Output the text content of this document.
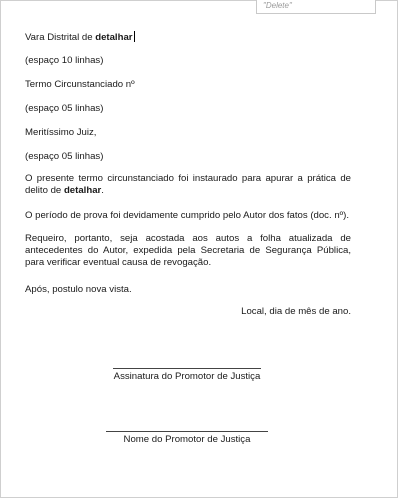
"Delete"

Vara Distrital de detalhar

(espaço 10 linhas)

Termo Circunstanciado nº

(espaço 05 linhas)

Meritíssimo Juiz,

(espaço 05 linhas)

O presente termo circunstanciado foi instaurado para apurar a prática de delito de detalhar.

O período de prova foi devidamente cumprido pelo Autor dos fatos (doc. nº).

Requeiro, portanto, seja acostada aos autos a folha atualizada de antecedentes do Autor, expedida pela Secretaria de Segurança Pública, para verificar eventual causa de revogação.

Após, postulo nova vista.

Local, dia de mês de ano.

Assinatura do Promotor de Justiça
Nome do Promotor de Justiça
